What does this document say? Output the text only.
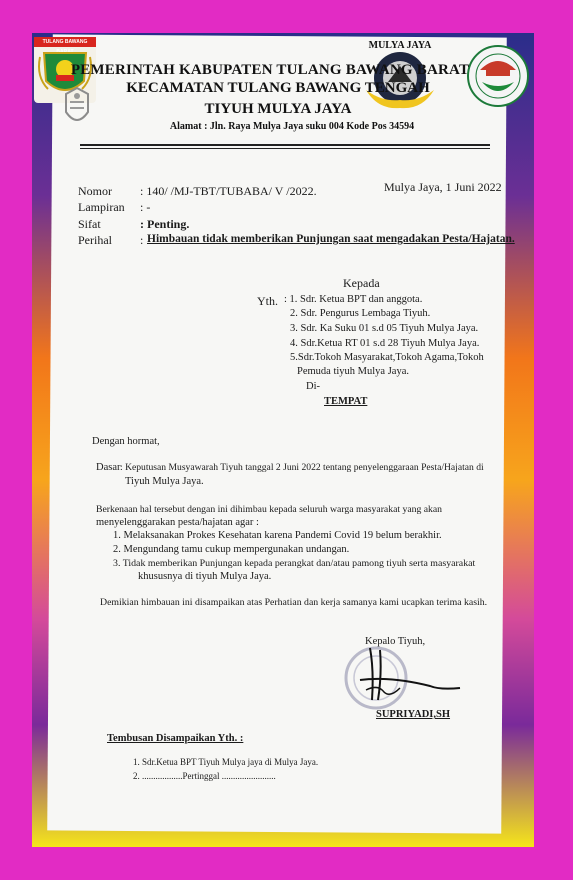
TULANG BAWANG	MULYA JAYA
PEMERINTAH KABUPATEN TULANG BAWANG BARAT
KECAMATAN TULANG BAWANG TENGAH
TIYUH MULYA JAYA
Alamat : Jln. Raya Mulya Jaya suku 004 Kode Pos 34594
Nomor : 140/ /MJ-TBT/TUBABA/ V /2022.	Mulya Jaya, 1 Juni 2022
Lampiran : -
Sifat	: Penting.
Perihal : Himbauan tidak memberikan Punjungan saat mengadakan Pesta/Hajatan.
Kepada
Yth. : 1. Sdr. Ketua BPT dan anggota.
2. Sdr. Pengurus Lembaga Tiyuh.
3. Sdr. Ka Suku 01 s.d 05 Tiyuh Mulya Jaya.
4. Sdr.Ketua RT 01 s.d 28 Tiyuh Mulya Jaya.
5.Sdr.Tokoh Masyarakat,Tokoh Agama,Tokoh
Pemuda tiyuh Mulya Jaya.
Di-
TEMPAT
Dengan hormat,
Dasar : Keputusan Musyawarah Tiyuh tanggal 2 Juni 2022 tentang penyelenggaraan Pesta/Hajatan di
Tiyuh Mulya Jaya.
Berkenaan hal tersebut dengan ini dihimbau kepada seluruh warga masyarakat yang akan
menyelenggarakan pesta/hajatan agar :
1. Melaksanakan Prokes Kesehatan karena Pandemi Covid 19 belum berakhir.
2. Mengundang tamu cukup mempergunakan undangan.
3. Tidak memberikan Punjungan kepada perangkat dan/atau pamong tiyuh serta masyarakat
khususnya di tiyuh Mulya Jaya.
Demikian himbauan ini disampaikan atas Perhatian dan kerja samanya kami ucapkan terima kasih.
Kepalo Tiyuh,
SUPRIYADI,SH
Tembusan Disampaikan Yth. :
1. Sdr.Ketua BPT Tiyuh Mulya jaya di Mulya Jaya.
2. ..................Pertinggal ........................
